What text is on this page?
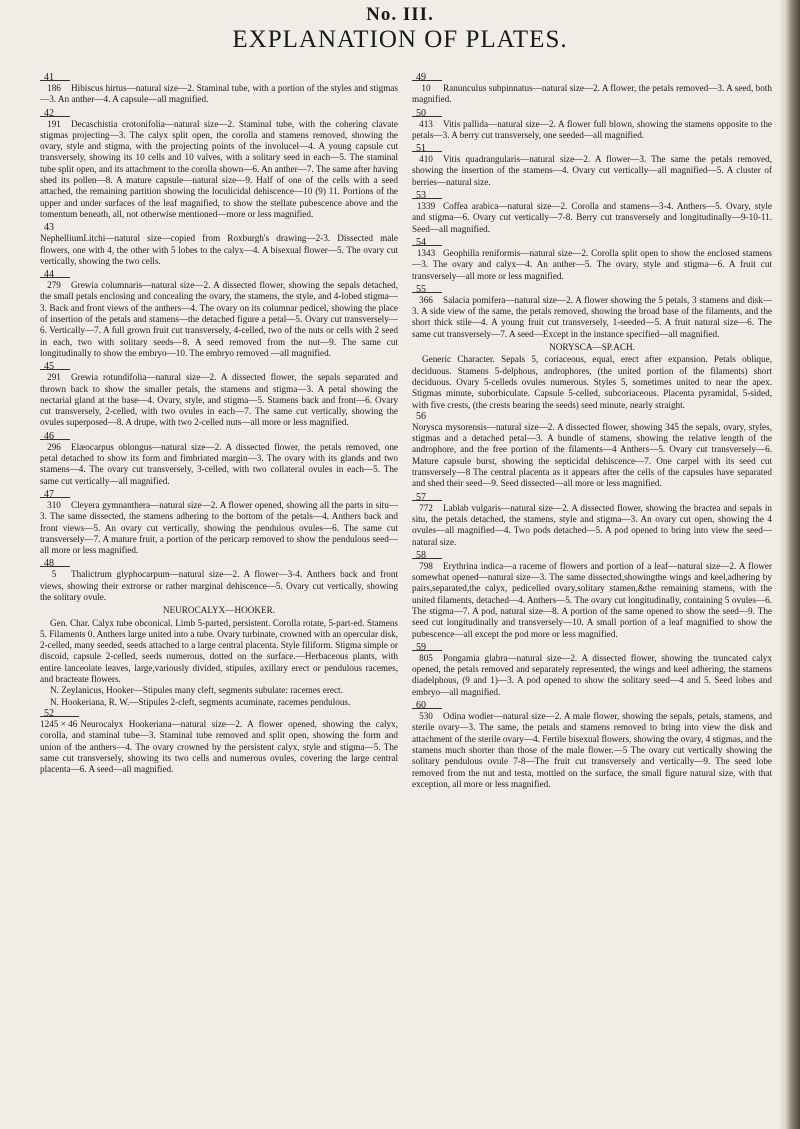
No. III.
EXPLANATION OF PLATES.
41
186 Hibiscus hirtus—natural size—2. Staminal tube, with a portion of the styles and stigmas—3. An anther—4. A capsule—all magnified.
42
191 Decaschistia crotonifolia—natural size—2. Staminal tube, with the cohering clavate stigmas projecting—3. The calyx split open, the corolla and stamens removed, showing the ovary, style and stigma, with the projecting points of the involucel—4. A young capsule cut transversely, showing its 10 cells and 10 valves, with a solitary seed in each—5. The staminal tube split open, and its attachment to the corolla shown—6. An anther—7. The same after having shed its pollen—8. A mature capsule—natural size—9. Half of one of the cells with a seed attached, the remaining partition showing the loculicidal dehiscence—10 (9) 11. Portions of the upper and under surfaces of the leaf magnified, to show the stellate pubescence above and the tomentum beneath, all, not otherwise mentioned—more or less magnified.
43
NephelliumLitchi—natural size—copied from Roxburgh's drawing—2-3. Dissected male flowers, one with 4, the other with 5 lobes to the calyx—4. A bisexual flower—5. The ovary cut vertically, showing the two cells.
44
279 Grewia columnaris—natural size—2. A dissected flower, showing the sepals detached, the small petals enclosing and concealing the ovary, the stamens, the style, and 4-lobed stigma—3. Back and front views of the anthers—4. The ovary on its columnar pedicel, showing the place of insertion of the petals and stamens—the detached figure a petal—5. Ovary cut transversely—6. Vertically—7. A full grown fruit cut transversely, 4-celled, two of the nuts or cells with 2 seed in each, two with solitary seeds—8. A seed removed from the nut—9. The same cut longitudinally to show the embryo—10. The embryo removed —all magnified.
45
291 Grewia rotundifolia—natural size—2. A dissected flower, the sepals separated and thrown back to show the smaller petals, the stamens and stigma—3. A petal showing the nectarial gland at the base—4. Ovary, style, and stigma—5. Stamens back and front—6. Ovary cut transversely, 2-celled, with two ovules in each—7. The same cut vertically, showing the ovules superposed—8. A drupe, with two 2-celled nuts—all more or less magnified.
46
296 Elæocarpus oblongus—natural size—2. A dissected flower, the petals removed, one petal detached to show its form and fimbriated margin—3. The ovary with its glands and two stamens—4. The ovary cut transversely, 3-celled, with two collateral ovules in each—5. The same cut vertically—all magnified.
47
310 Cleyera gymnanthera—natural size—2. A flower opened, showing all the parts in situ—3. The same dissected, the stamens adhering to the bottom of the petals—4. Anthers back and front views—5. An ovary cut vertically, showing the pendulous ovules—6. The same cut transversely—7. A mature fruit, a portion of the pericarp removed to show the pendulous seed—all more or less magnified.
48
5 Thalictrum glyphocarpum—natural size—2. A flower—3-4. Anthers back and front views, showing their extrorse or rather marginal dehiscence—5. Ovary cut vertically, showing the solitary ovule.
NEUROCALYX—HOOKER.
Gen. Char. Calyx tube obconical. Limb 5-parted, persistent. Corolla rotate, 5-part-ed. Stamens 5. Filaments 0. Anthers large united into a tube. Ovary turbinate, crowned with an opercular disk, 2-celled, many seeded, seeds attached to a large central placenta. Style filiform. Stigma simple or discoid, capsule 2-celled, seeds numerous, dotted on the surface.—Herbaceous plants, with entire lanceolate leaves, large,variously divided, stipules, axillary erect or pendulous racemes, and bracteate flowers.
N. Zeylanicus, Hooker—Stipules many cleft, segments subulate: racemes erect.
N. Hookeriana, R. W.—Stipules 2-cleft, segments acuminate, racemes pendulous.
52
1245 × 46 Neurocalyx Hookeriana—natural size—2. A flower opened, showing the calyx, corolla, and staminal tube—3. Staminal tube removed and split open, showing the form and union of the anthers—4. The ovary crowned by the persistent calyx, style and stigma—5. The same cut transversely, showing its two cells and numerous ovules, covering the large central placenta—6. A seed—all magnified.
49
10 Ranunculus subpinnatus—natural size—2. A flower, the petals removed—3. A seed, both magnified.
50
413 Vitis pallida—natural size—2. A flower full blown, showing the stamens opposite to the petals—3. A berry cut transversely, one seeded—all magnified.
51
410 Vitis quadrangularis—natural size—2. A flower—3. The same the petals removed, showing the insertion of the stamens—4. Ovary cut vertically—all magnified—5. A cluster of berries—natural size.
53
1339 Coffea arabica—natural size—2. Corolla and stamens—3-4. Anthers—5. Ovary, style and stigma—6. Ovary cut vertically—7-8. Berry cut transversely and longitudinally—9-10-11. Seed—all magnified.
54
1343 Geophilla reniformis—natural size—2. Corolla split open to show the enclosed stamens—3. The ovary and calyx—4. An anther—5. The ovary, style and stigma—6. A fruit cut transversely—all more or less magnified.
55
366 Salacia pomifera—natural size—2. A flower showing the 5 petals, 3 stamens and disk—3. A side view of the same, the petals removed, showing the broad base of the filaments, and the short thick stile—4. A young fruit cut transversely, 1-seeded—5. A fruit natural size—6. The same cut transversely—7. A seed—Except in the instance specified—all magnified.
NORYSCA—SP.ACH.
Generic Character. Sepals 5, coriaceous, equal, erect after expansion. Petals oblique, deciduous. Stamens 5-delphous, androphores, (the united portion of the filaments) short deciduous. Ovary 5-celleds ovules numerous. Styles 5, sometimes united to near the apex. Stigmas minute, suborbiculate. Capsule 5-celled, subcoriaceous. Placenta pyramidal, 5-sided, with five crests, (the crests bearing the seeds) seed minute, nearly straight.
56
Norysca mysorensis—natural size—2. A dissected flower, showing 345 the sepals, ovary, styles, stigmas and a detached petal—3. A bundle of stamens, showing the relative length of the androphore, and the free portion of the filaments—4 Anthers—5. Ovary cut transversely—6. Mature capsule burst, showing the septicidal dehiscence—7. One carpel with its seed cut transversely—8 The central placenta as it appears after the cells of the capsules have separated and shed their seed—9. Seed dissected—all more or less magnified.
57
772 Lablab vulgaris—natural size—2. A dissected flower, showing the bractea and sepals in situ, the petals detached, the stamens, style and stigma—3. An ovary cut open, showing the 4 ovules—all magnified—4. Two pods detached—5. A pod opened to bring into view the seed—natural size.
58
798 Erythrina indica—a raceme of flowers and portion of a leaf—natural size—2. A flower somewhat opened—natural size—3. The same dissected,showingthe wings and keel,adhering by pairs,separated,the calyx, pedicelled ovary,solitary stamen,&the remaining stamens, with the united filaments, detached—4. Anthers—5. The ovary cut longitudinally, containing 5 ovules—6. The stigma—7. A pod, natural size—8. A portion of the same opened to show the seed—9. The seed cut longitudinally and transversely—10. A small portion of a leaf magnified to show the pubescence—all except the pod more or less magnified.
59
805 Pongamia glabra—natural size—2. A dissected flower, showing the truncated calyx opened, the petals removed and separately represented, the wings and keel adhering, the stamens diadelphous, (9 and 1)—3. A pod opened to show the solitary seed—4 and 5. Seed lobes and embryo—all magnified.
60
530 Odina wodier—natural size—2. A male flower, showing the sepals, petals, stamens, and sterile ovary—3. The same, the petals and stamens removed to bring into view the disk and attachment of the sterile ovary—4. Fertile bisexual flowers, showing the ovary, 4 stigmas, and the stamens much shorter than those of the male flower.—5 The ovary cut vertically showing the solitary pendulous ovule 7-8—The fruit cut transversely and vertically—9. The seed lobe removed from the nut and testa, mottled on the surface, the small figure natural size, with that exception, all more or less magnified.
